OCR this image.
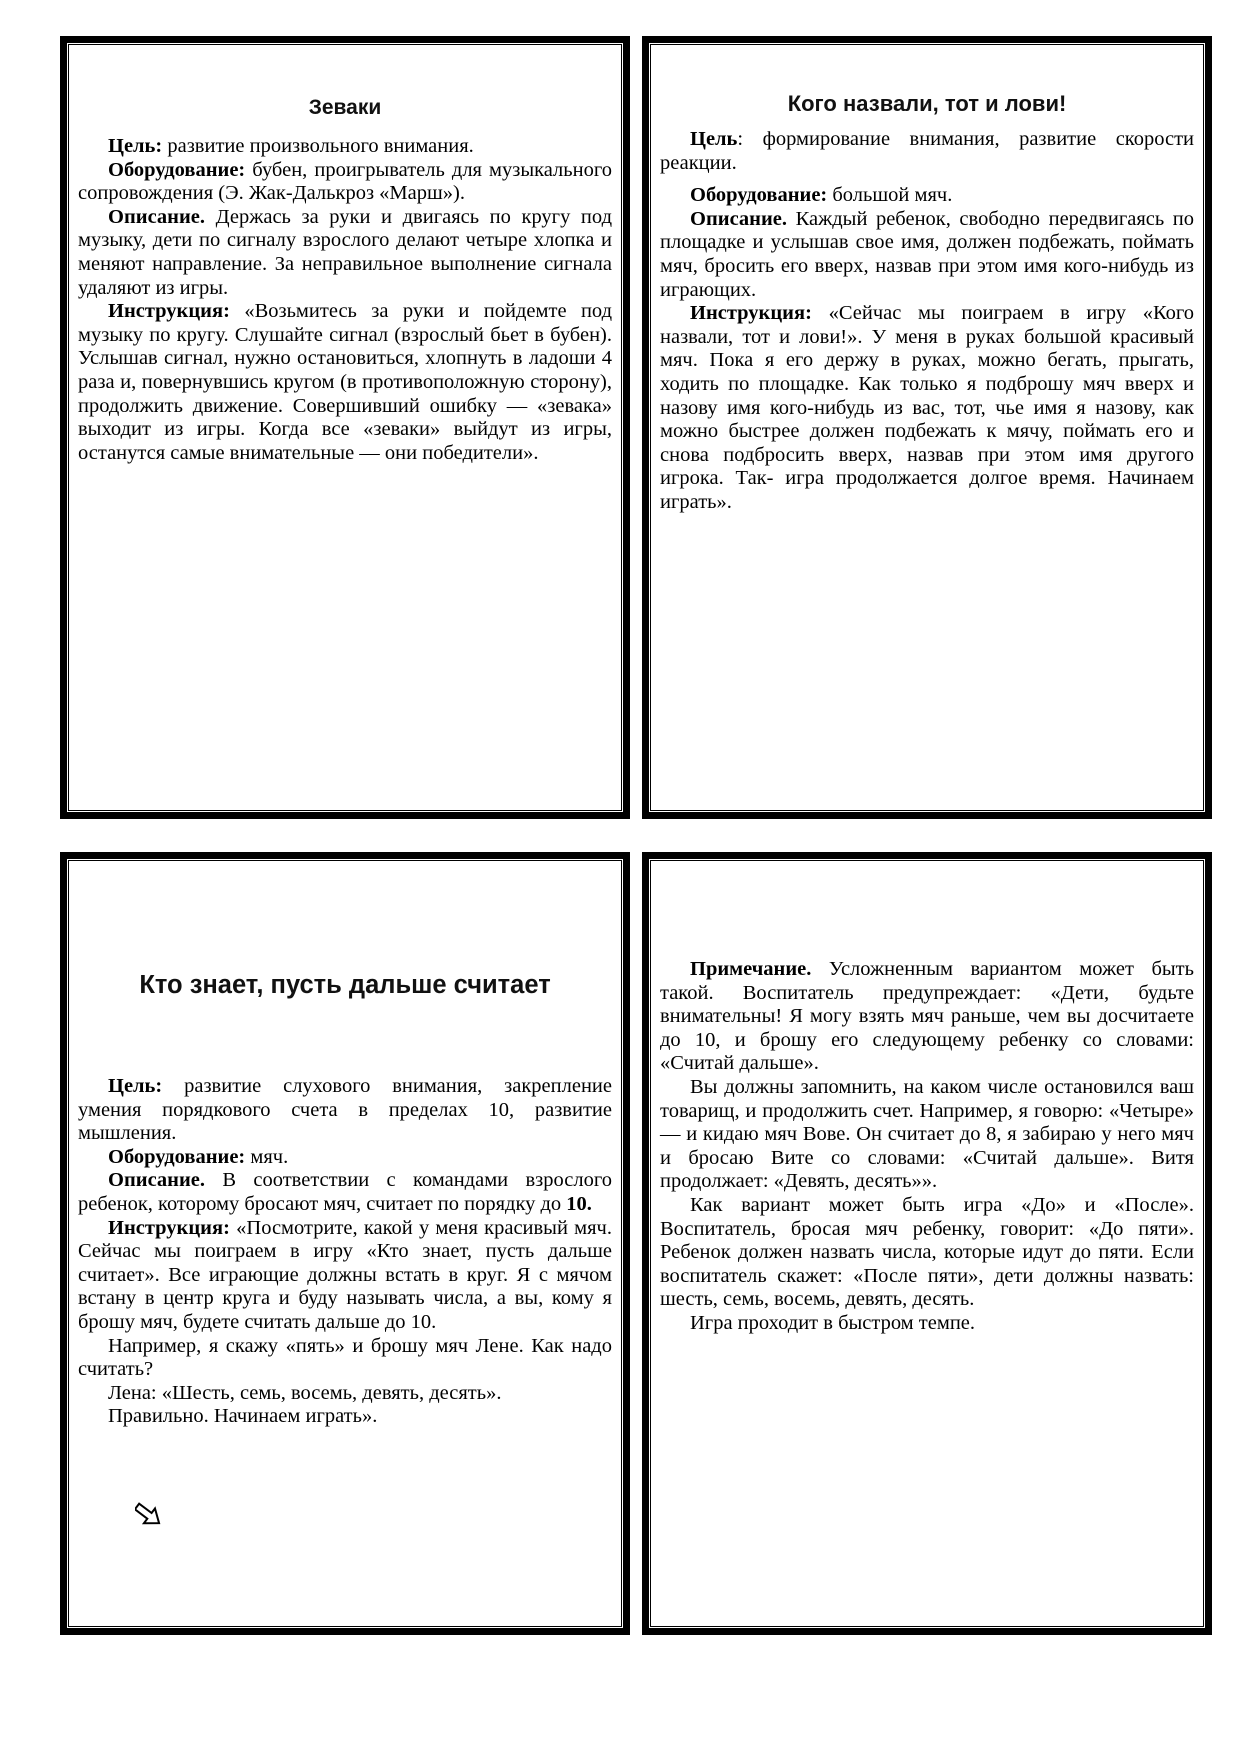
Зеваки

Цель: развитие произвольного внимания.

Оборудование: бубен, проигрыватель для музыкального сопровождения (Э. Жак-Далькроз «Марш»).

Описание. Держась за руки и двигаясь по кругу под музыку, дети по сигналу взрослого делают четыре хлопка и меняют направление. За неправильное выполнение сигнала удаляют из игры.

Инструкция: «Возьмитесь за руки и пойдемте под музыку по кругу. Слушайте сигнал (взрослый бьет в бубен). Услышав сигнал, нужно остановиться, хлопнуть в ладоши 4 раза и, повернувшись кругом (в противоположную сторону), продолжить движение. Совершивший ошибку — «зевака» выходит из игры. Когда все «зеваки» выйдут из игры, останутся самые внимательные — они победители».

Кого назвали, тот и лови!

Цель: формирование внимания, развитие скорости реакции.

Оборудование: большой мяч.

Описание. Каждый ребенок, свободно передвигаясь по площадке и услышав свое имя, должен подбежать, поймать мяч, бросить его вверх, назвав при этом имя кого-нибудь из играющих.

Инструкция: «Сейчас мы поиграем в игру «Кого назвали, тот и лови!». У меня в руках большой красивый мяч. Пока я его держу в руках, можно бегать, прыгать, ходить по площадке. Как только я подброшу мяч вверх и назову имя кого-нибудь из вас, тот, чье имя я назову, как можно быстрее должен подбежать к мячу, поймать его и снова подбросить вверх, назвав при этом имя другого игрока. Так- игра продолжается долгое время. Начинаем играть».

Кто знает, пусть дальше считает

Цель: развитие слухового внимания, закрепление умения порядкового счета в пределах 10, развитие мышления.

Оборудование: мяч.

Описание. В соответствии с командами взрослого ребенок, которому бросают мяч, считает по порядку до 10.

Инструкция: «Посмотрите, какой у меня красивый мяч. Сейчас мы поиграем в игру «Кто знает, пусть дальше считает». Все играющие должны встать в круг. Я с мячом встану в центр круга и буду называть числа, а вы, кому я брошу мяч, будете считать дальше до 10.

Например, я скажу «пять» и брошу мяч Лене. Как надо считать?

Лена: «Шесть, семь, восемь, девять, десять».

Правильно. Начинаем играть».

Примечание. Усложненным вариантом может быть такой. Воспитатель предупреждает: «Дети, будьте внимательны! Я могу взять мяч раньше, чем вы досчитаете до 10, и брошу его следующему ребенку со словами: «Считай дальше».

Вы должны запомнить, на каком числе остановился ваш товарищ, и продолжить счет. Например, я говорю: «Четыре» — и кидаю мяч Вове. Он считает до 8, я забираю у него мяч и бросаю Вите со словами: «Считай дальше». Витя продолжает: «Девять, десять»».

Как вариант может быть игра «До» и «После». Воспитатель, бросая мяч ребенку, говорит: «До пяти». Ребенок должен назвать числа, которые идут до пяти. Если воспитатель скажет: «После пяти», дети должны назвать: шесть, семь, восемь, девять, десять.

Игра проходит в быстром темпе.
